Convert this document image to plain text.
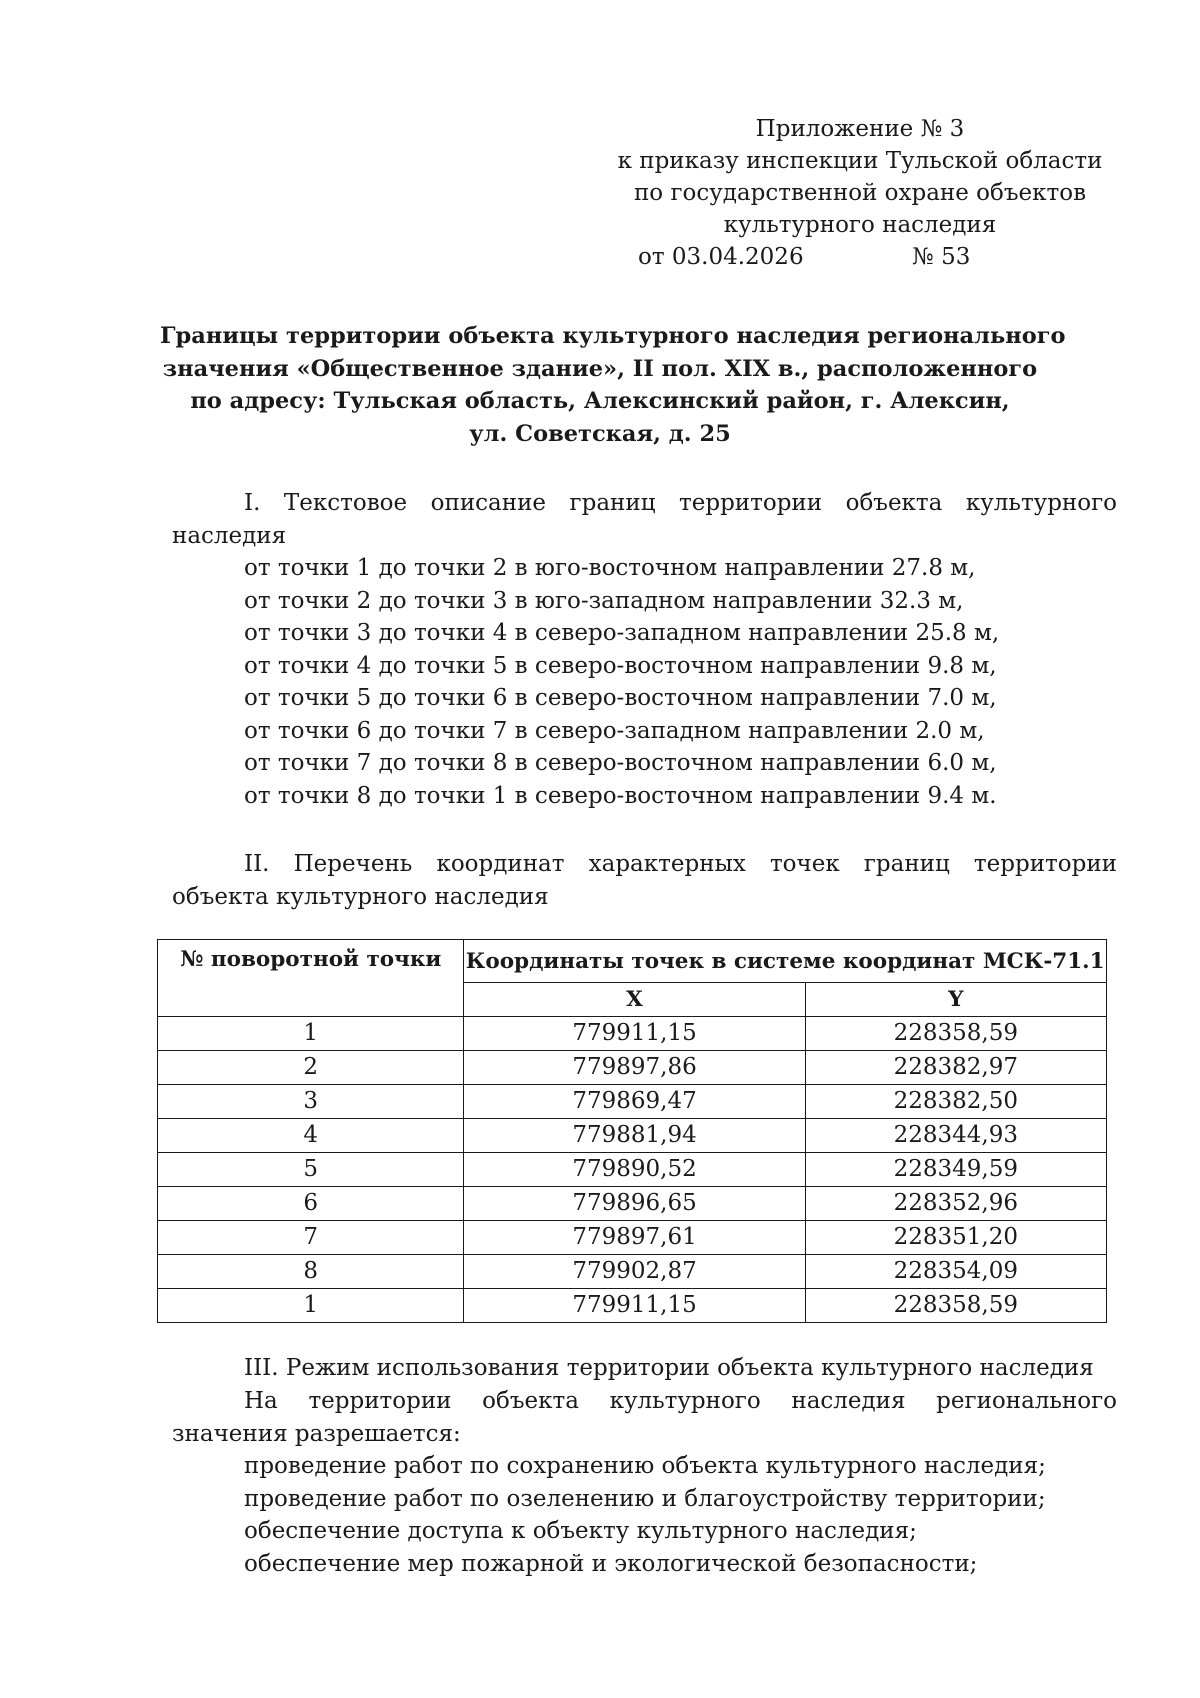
Приложение № 3
к приказу инспекции Тульской области
по государственной охране объектов
культурного наследия
от 03.04.2026	№ 53
Границы территории объекта культурного наследия регионального
значения «Общественное здание», II пол. XIX в., расположенного
по адресу: Тульская область, Алексинский район, г. Алексин,
ул. Советская, д. 25
I. Текстовое описание границ территории объекта культурного наследия
от точки 1 до точки 2 в юго-восточном направлении 27.8 м,
от точки 2 до точки 3 в юго-западном направлении 32.3 м,
от точки 3 до точки 4 в северо-западном направлении 25.8 м,
от точки 4 до точки 5 в северо-восточном направлении 9.8 м,
от точки 5 до точки 6 в северо-восточном направлении 7.0 м,
от точки 6 до точки 7 в северо-западном направлении 2.0 м,
от точки 7 до точки 8 в северо-восточном направлении 6.0 м,
от точки 8 до точки 1 в северо-восточном направлении 9.4 м.
II. Перечень координат характерных точек границ территории объекта культурного наследия
№ поворотной точки	Координаты точек в системе координат МСК-71.1	
	X	Y
1	779911,15	228358,59
2	779897,86	228382,97
3	779869,47	228382,50
4	779881,94	228344,93
5	779890,52	228349,59
6	779896,65	228352,96
7	779897,61	228351,20
8	779902,87	228354,09
1	779911,15	228358,59
III. Режим использования территории объекта культурного наследия
На территории объекта культурного наследия регионального значения разрешается:
проведение работ по сохранению объекта культурного наследия;
проведение работ по озеленению и благоустройству территории;
обеспечение доступа к объекту культурного наследия;
обеспечение мер пожарной и экологической безопасности;
